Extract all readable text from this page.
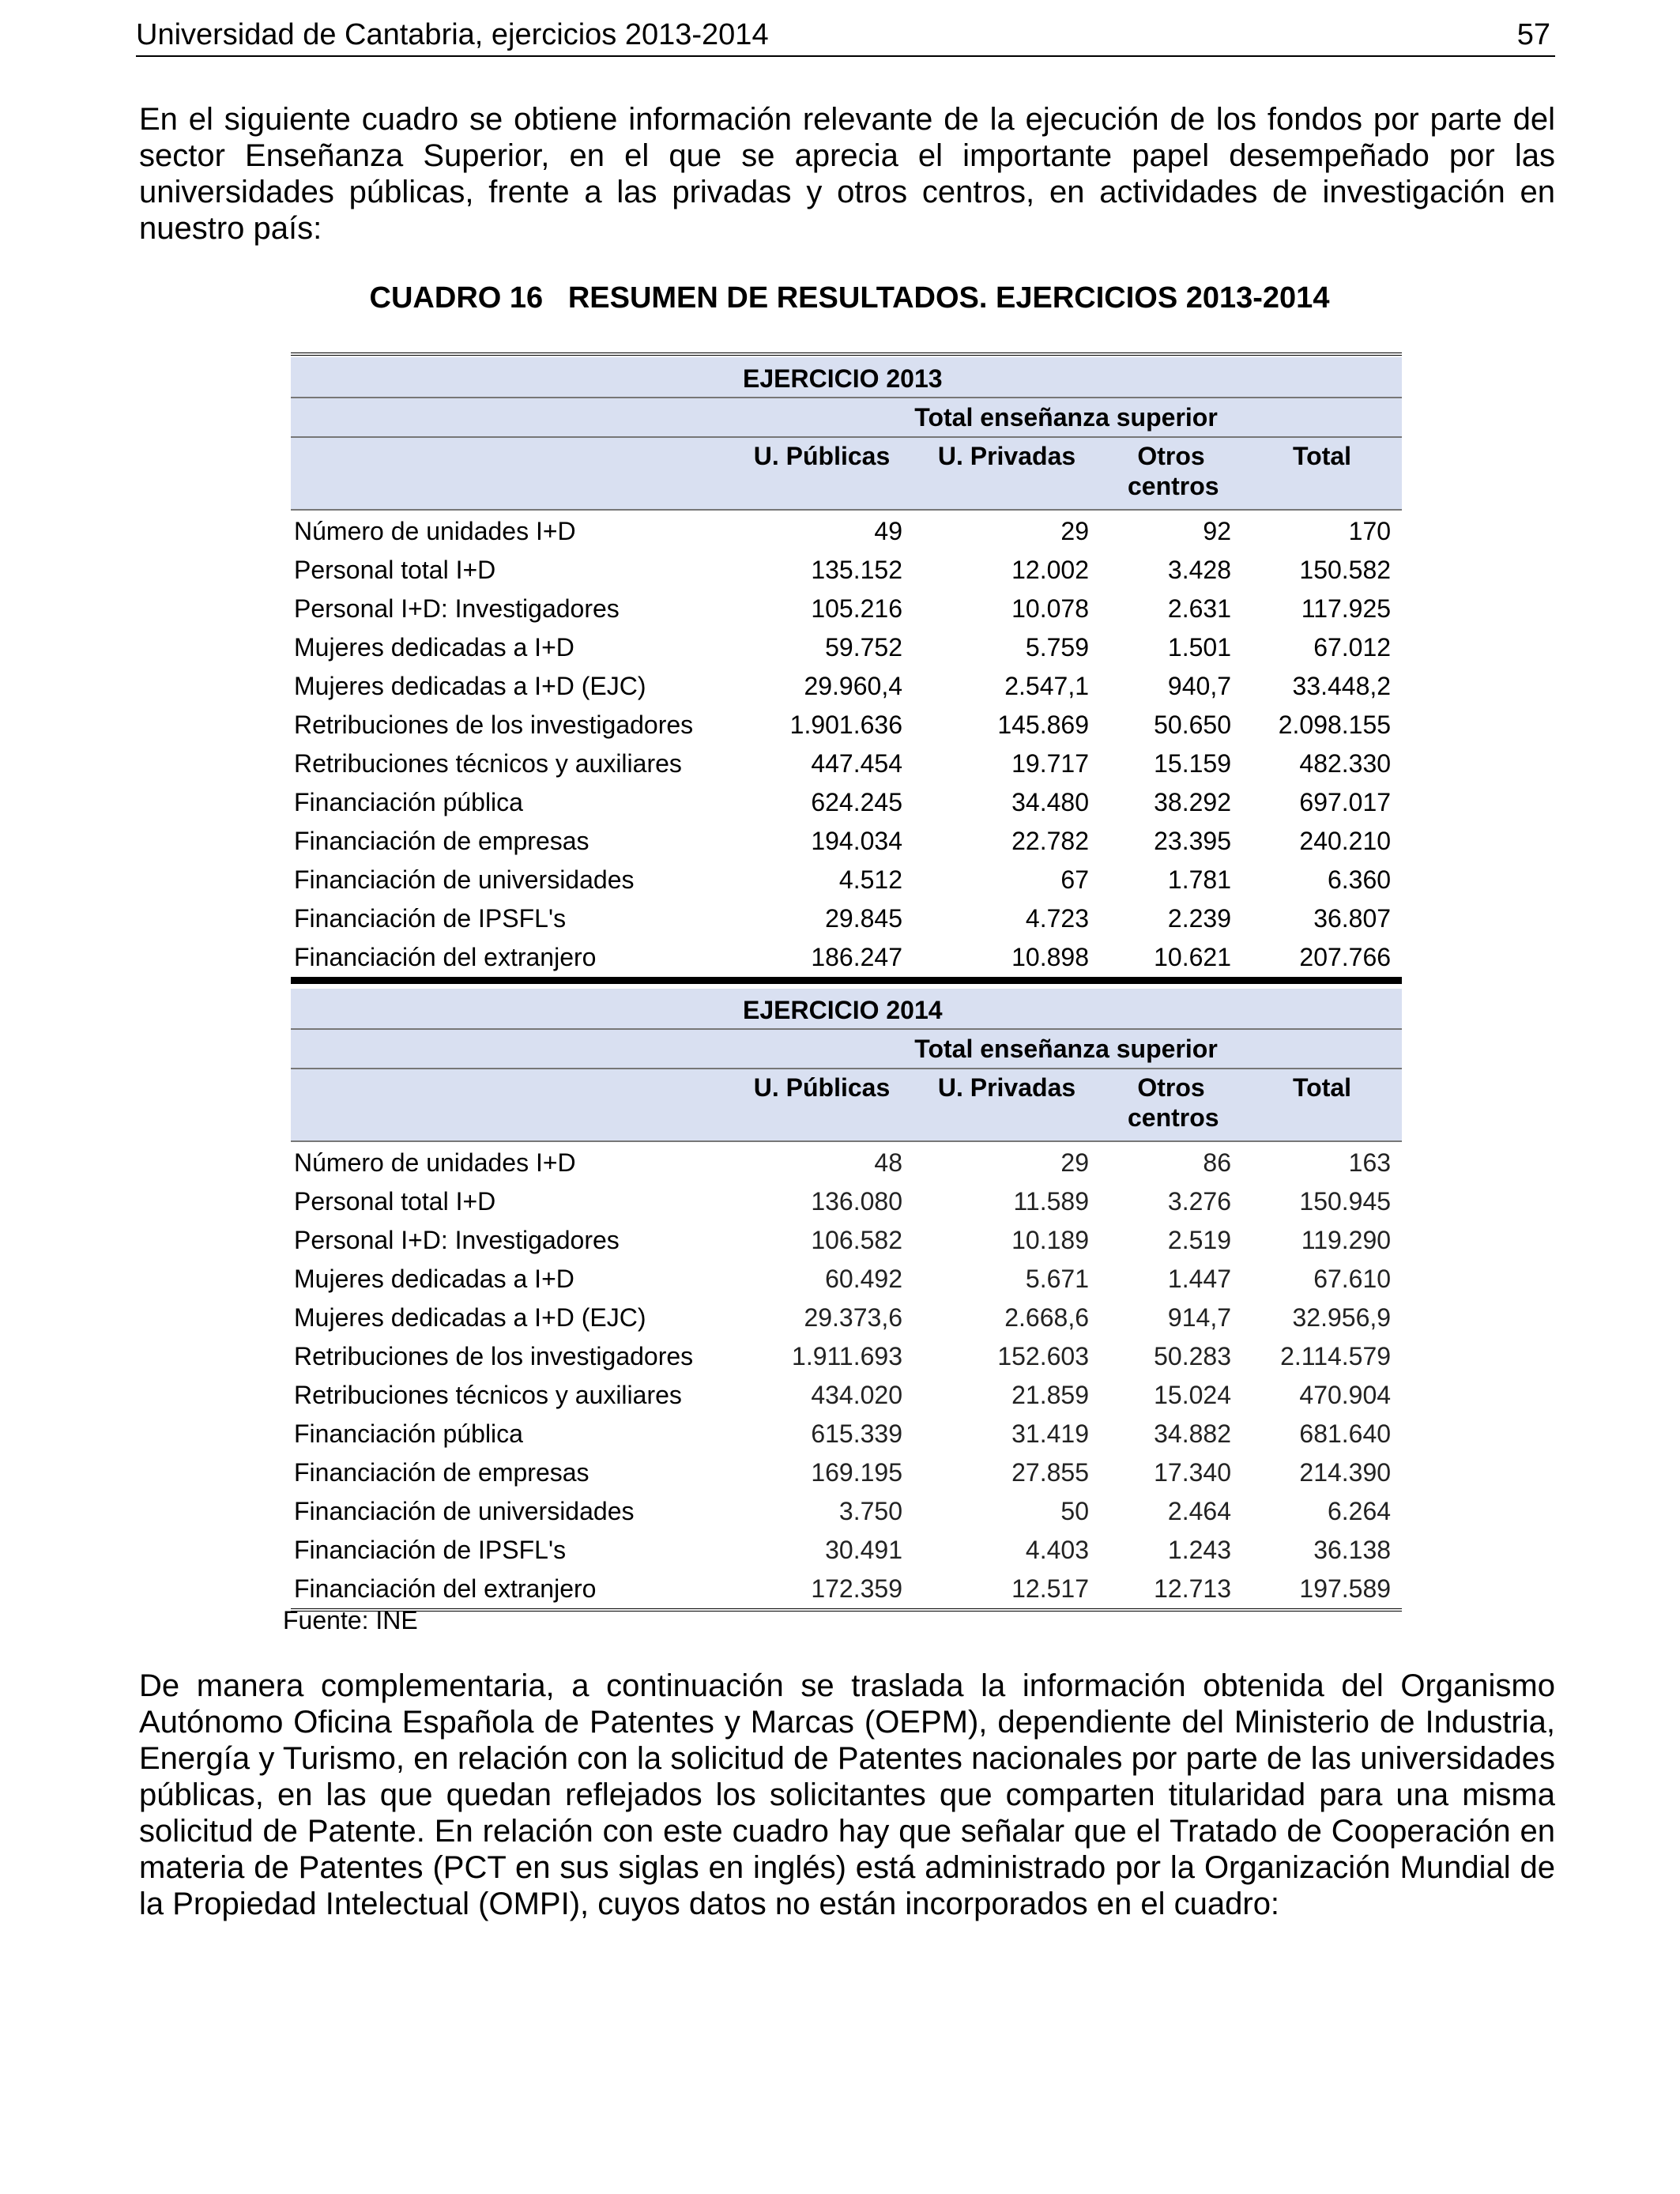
Universidad de Cantabria, ejercicios 2013-2014	57
En el siguiente cuadro se obtiene información relevante de la ejecución de los fondos por parte del sector Enseñanza Superior, en el que se aprecia el importante papel desempeñado por las universidades públicas, frente a las privadas y otros centros, en actividades de investigación en nuestro país:
CUADRO 16   RESUMEN DE RESULTADOS. EJERCICIOS 2013-2014
EJERCICIO 2013				
	Total enseñanza superior			
	U. Públicas	U. Privadas	Otros centros	Total
Número de unidades I+D	49	29	92	170
Personal total I+D	135.152	12.002	3.428	150.582
Personal I+D: Investigadores	105.216	10.078	2.631	117.925
Mujeres dedicadas a I+D	59.752	5.759	1.501	67.012
Mujeres dedicadas a I+D (EJC)	29.960,4	2.547,1	940,7	33.448,2
Retribuciones de los investigadores	1.901.636	145.869	50.650	2.098.155
Retribuciones técnicos y auxiliares	447.454	19.717	15.159	482.330
Financiación pública	624.245	34.480	38.292	697.017
Financiación de empresas	194.034	22.782	23.395	240.210
Financiación de universidades	4.512	67	1.781	6.360
Financiación de IPSFL's	29.845	4.723	2.239	36.807
Financiación del extranjero	186.247	10.898	10.621	207.766
EJERCICIO 2014				
	Total enseñanza superior			
	U. Públicas	U. Privadas	Otros centros	Total
Número de unidades I+D	48	29	86	163
Personal total I+D	136.080	11.589	3.276	150.945
Personal I+D: Investigadores	106.582	10.189	2.519	119.290
Mujeres dedicadas a I+D	60.492	5.671	1.447	67.610
Mujeres dedicadas a I+D (EJC)	29.373,6	2.668,6	914,7	32.956,9
Retribuciones de los investigadores	1.911.693	152.603	50.283	2.114.579
Retribuciones técnicos y auxiliares	434.020	21.859	15.024	470.904
Financiación pública	615.339	31.419	34.882	681.640
Financiación de empresas	169.195	27.855	17.340	214.390
Financiación de universidades	3.750	50	2.464	6.264
Financiación de IPSFL's	30.491	4.403	1.243	36.138
Financiación del extranjero	172.359	12.517	12.713	197.589
Fuente: INE
De manera complementaria, a continuación se traslada la información obtenida del Organismo Autónomo Oficina Española de Patentes y Marcas (OEPM), dependiente del Ministerio de Industria, Energía y Turismo, en relación con la solicitud de Patentes nacionales por parte de las universidades públicas, en las que quedan reflejados los solicitantes que comparten titularidad para una misma solicitud de Patente. En relación con este cuadro hay que señalar que el Tratado de Cooperación en materia de Patentes (PCT en sus siglas en inglés) está administrado por la Organización Mundial de la Propiedad Intelectual (OMPI), cuyos datos no están incorporados en el cuadro:
